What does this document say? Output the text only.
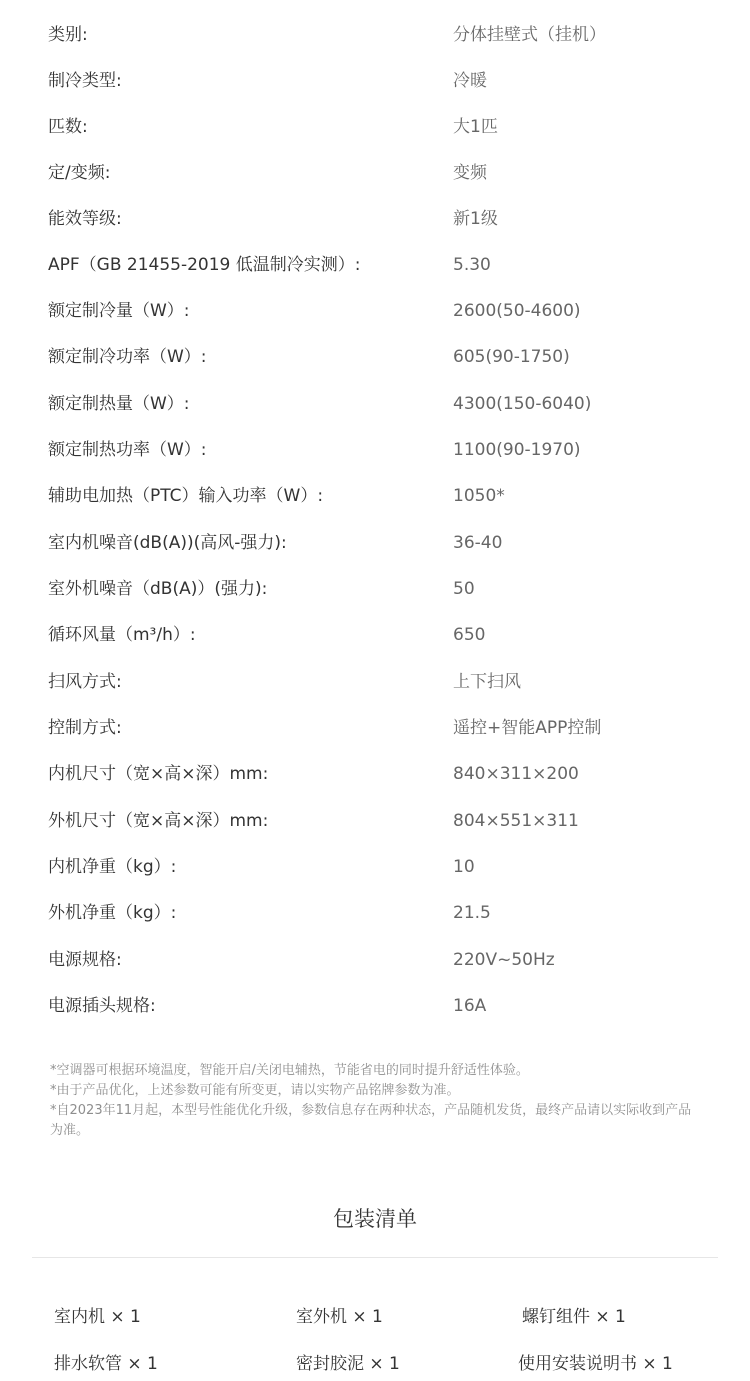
类别:	分体挂壁式（挂机）
制冷类型:	冷暖
匹数:	大1匹
定/变频:	变频
能效等级:	新1级
APF（GB 21455-2019 低温制冷实测）:	5.30
额定制冷量（W）:	2600(50-4600)
额定制冷功率（W）:	605(90-1750)
额定制热量（W）:	4300(150-6040)
额定制热功率（W）:	1100(90-1970)
辅助电加热（PTC）输入功率（W）:	1050*
室内机噪音(dB(A))(高风-强力):	36-40
室外机噪音（dB(A)）(强力):	50
循环风量（m³/h）:	650
扫风方式:	上下扫风
控制方式:	遥控+智能APP控制
内机尺寸（宽×高×深）mm:	840×311×200
外机尺寸（宽×高×深）mm:	804×551×311
内机净重（kg）:	10
外机净重（kg）:	21.5
电源规格:	220V~50Hz
电源插头规格:	16A

*空调器可根据环境温度，智能开启/关闭电辅热，节能省电的同时提升舒适性体验。

*由于产品优化，上述参数可能有所变更，请以实物产品铭牌参数为准。

*自2023年11月起，本型号性能优化升级，参数信息存在两种状态，产品随机发货，最终产品请以实际收到产品为准。

包装清单
室内机 × 1	室外机 × 1	螺钉组件 × 1
排水软管 × 1	密封胶泥 × 1	使用安装说明书 × 1
